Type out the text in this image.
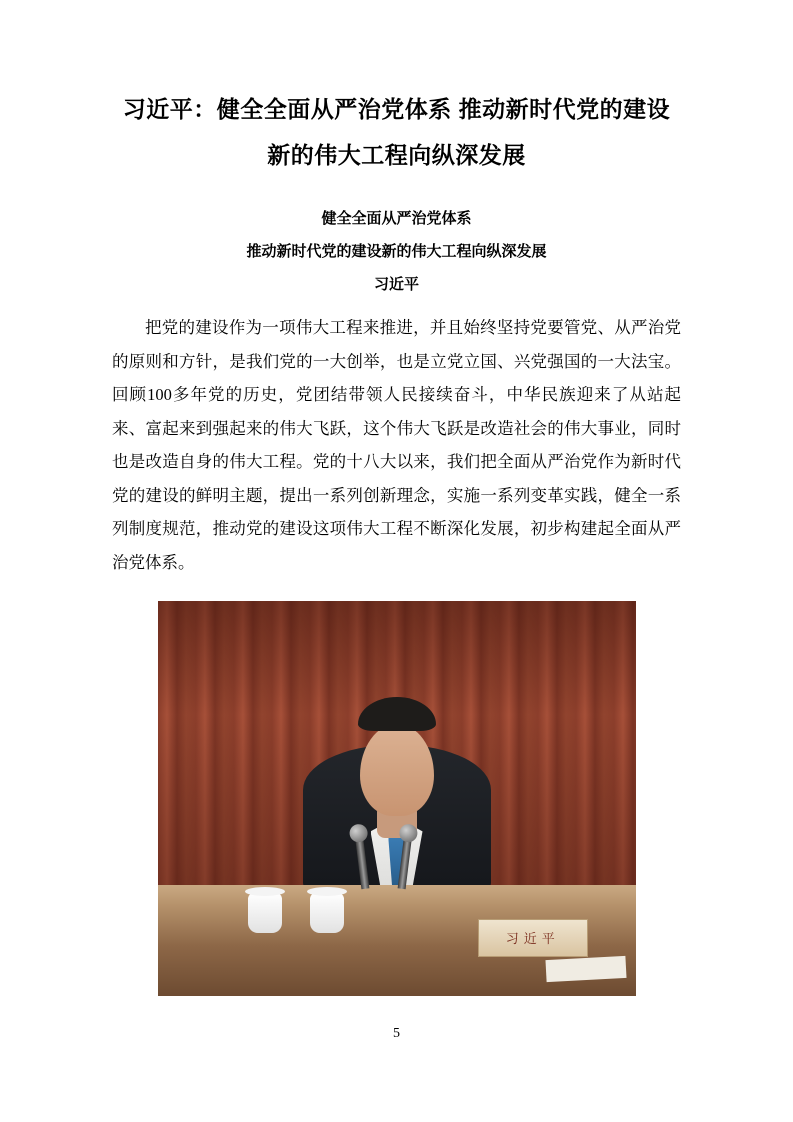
习近平：健全全面从严治党体系 推动新时代党的建设
新的伟大工程向纵深发展

健全全面从严治党体系

推动新时代党的建设新的伟大工程向纵深发展

习近平

把党的建设作为一项伟大工程来推进，并且始终坚持党要管党、从严治党的原则和方针，是我们党的一大创举，也是立党立国、兴党强国的一大法宝。回顾100多年党的历史，党团结带领人民接续奋斗，中华民族迎来了从站起来、富起来到强起来的伟大飞跃，这个伟大飞跃是改造社会的伟大事业，同时也是改造自身的伟大工程。党的十八大以来，我们把全面从严治党作为新时代党的建设的鲜明主题，提出一系列创新理念，实施一系列变革实践，健全一系列制度规范，推动党的建设这项伟大工程不断深化发展，初步构建起全面从严治党体系。

习近平
5
